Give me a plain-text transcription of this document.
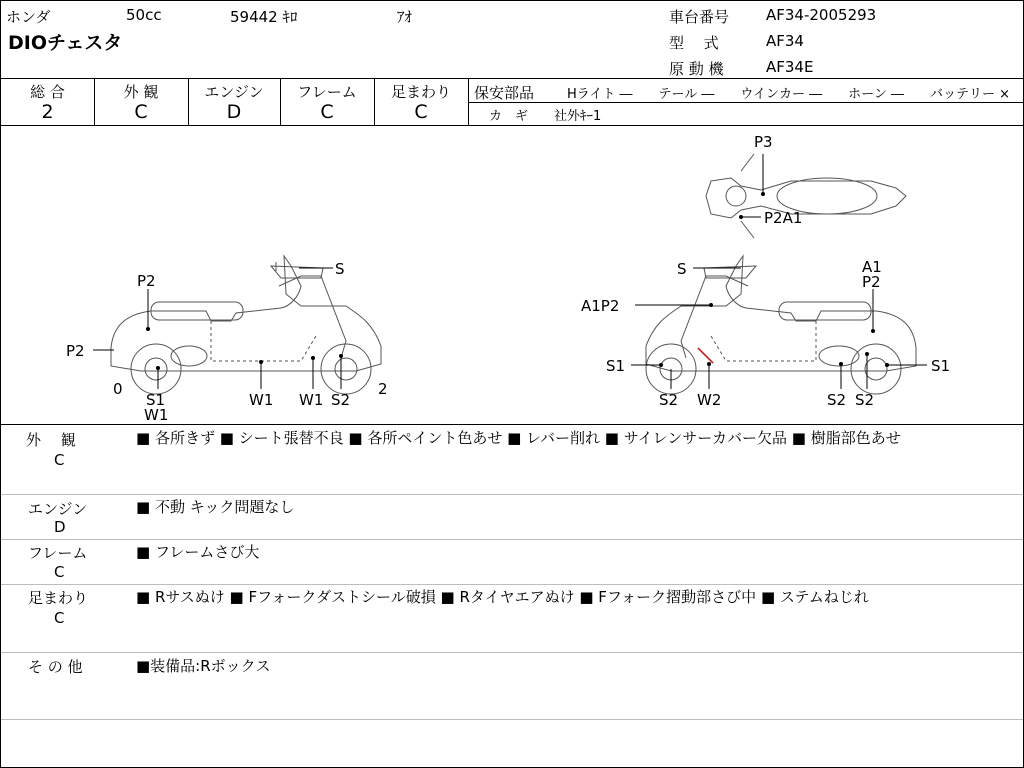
ホンダ	50cc	59442 ｷﾛ	ｱｵ
DIOチェスタ
車台番号 AF34-2005293
型　 式	AF34
原 動 機	AF34E
総 合
2
外 観
C
エンジン
D
フレーム
C
足まわり
C
保安部品	Hライト ―　　テール ―　　ウインカー ―　　ホーン ―　　バッテリー ×
カ　ギ　　社外ｷｰ1
S
P2
P2
0	2
S1
W1
W1 W1 S2
P3
P2A1
S	A1
P2
A1P2
S1	S1
S2 W2	S2 S2
外　 観
C
■ 各所きず ■ シート張替不良 ■ 各所ペイント色あせ ■ レバー削れ ■ サイレンサーカバー欠品 ■ 樹脂部色あせ
エンジン
D
■ 不動 キック問題なし
フレーム
C
■ フレームさび大
足まわり
C
■ Rサスぬけ ■ Fフォークダストシール破損 ■ Rタイヤエアぬけ ■ Fフォーク摺動部さび中 ■ ステムねじれ
そ の 他	■装備品:Rボックス
